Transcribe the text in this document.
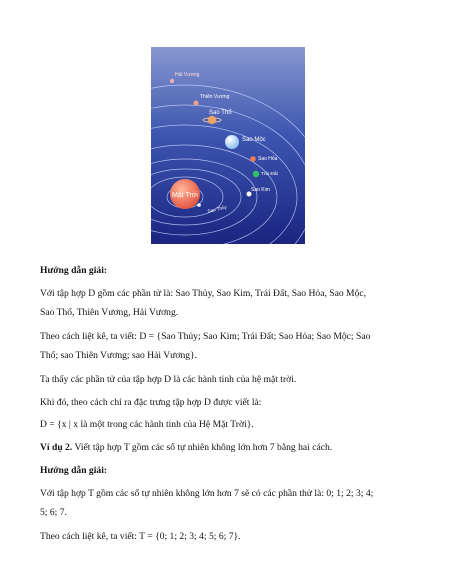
Mặt Trời
Sao Thủy
Sao Kim
Trái Đất
Sao Hỏa
Sao Mộc
Sao Thổ
Thiên Vương
Hải Vương
Hướng dẫn giải:
Với tập hợp D gồm các phần tử là: Sao Thủy, Sao Kim, Trái Đất, Sao Hỏa, Sao Mộc,
Sao Thổ, Thiên Vương, Hải Vương.
Theo cách liệt kê, ta viết: D = {Sao Thủy; Sao Kim; Trái Đất; Sao Hỏa; Sao Mộc; Sao
Thổ; sao Thiên Vương; sao Hải Vương}.
Ta thấy các phần tử của tập hợp D là các hành tinh của hệ mặt trời.
Khi đó, theo cách chỉ ra đặc trưng tập hợp D được viết là:
D = {x | x là một trong các hành tinh của Hệ Mặt Trời}.
Ví dụ 2. Viết tập hợp T gồm các số tự nhiên không lớn hơn 7 bằng hai cách.
Hướng dẫn giải:
Với tập hợp T gồm các số tự nhiên không lớn hơn 7 sẽ có các phần thử là: 0; 1; 2; 3; 4;
5; 6; 7.
Theo cách liệt kê, ta viết: T = {0; 1; 2; 3; 4; 5; 6; 7}.
